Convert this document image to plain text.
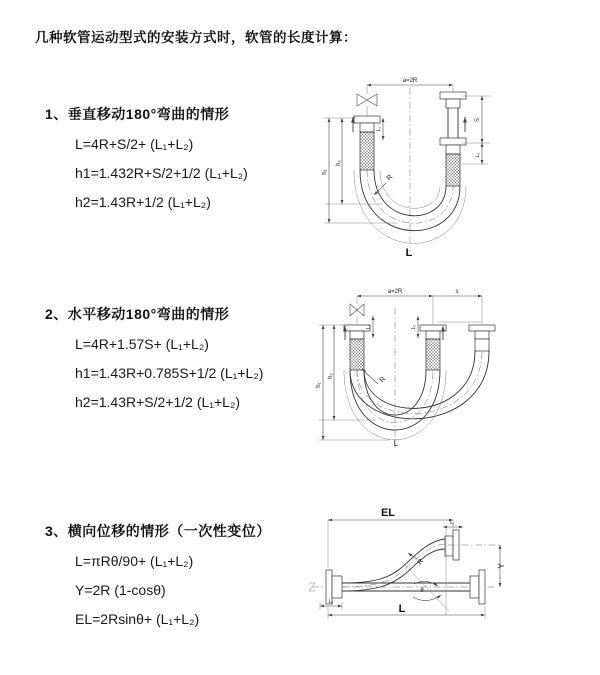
几种软管运动型式的安装方式时，软管的长度计算：
1、垂直移动180°弯曲的情形
L=4R+S/2+ (L₁+L₂)
h1=1.432R+S/2+1/2 (L₁+L₂)
h2=1.43R+1/2 (L₁+L₂)
2、水平移动180°弯曲的情形
L=4R+1.57S+ (L₁+L₂)
h1=1.43R+0.785S+1/2 (L₁+L₂)
h2=1.43R+S/2+1/2 (L₁+L₂)
3、横向位移的情形（一次性变位）
L=πRθ/90+ (L₁+L₂)
Y=2R (1-cosθ)
EL=2Rsinθ+ (L₁+L₂)
a=2R
S
L₂
h₁
h₂
L₁
R
L
a=2R	s
h₁
h₂
L₁	L₂
R
L
EL
L₁
Y
θ
R
L₂
L
